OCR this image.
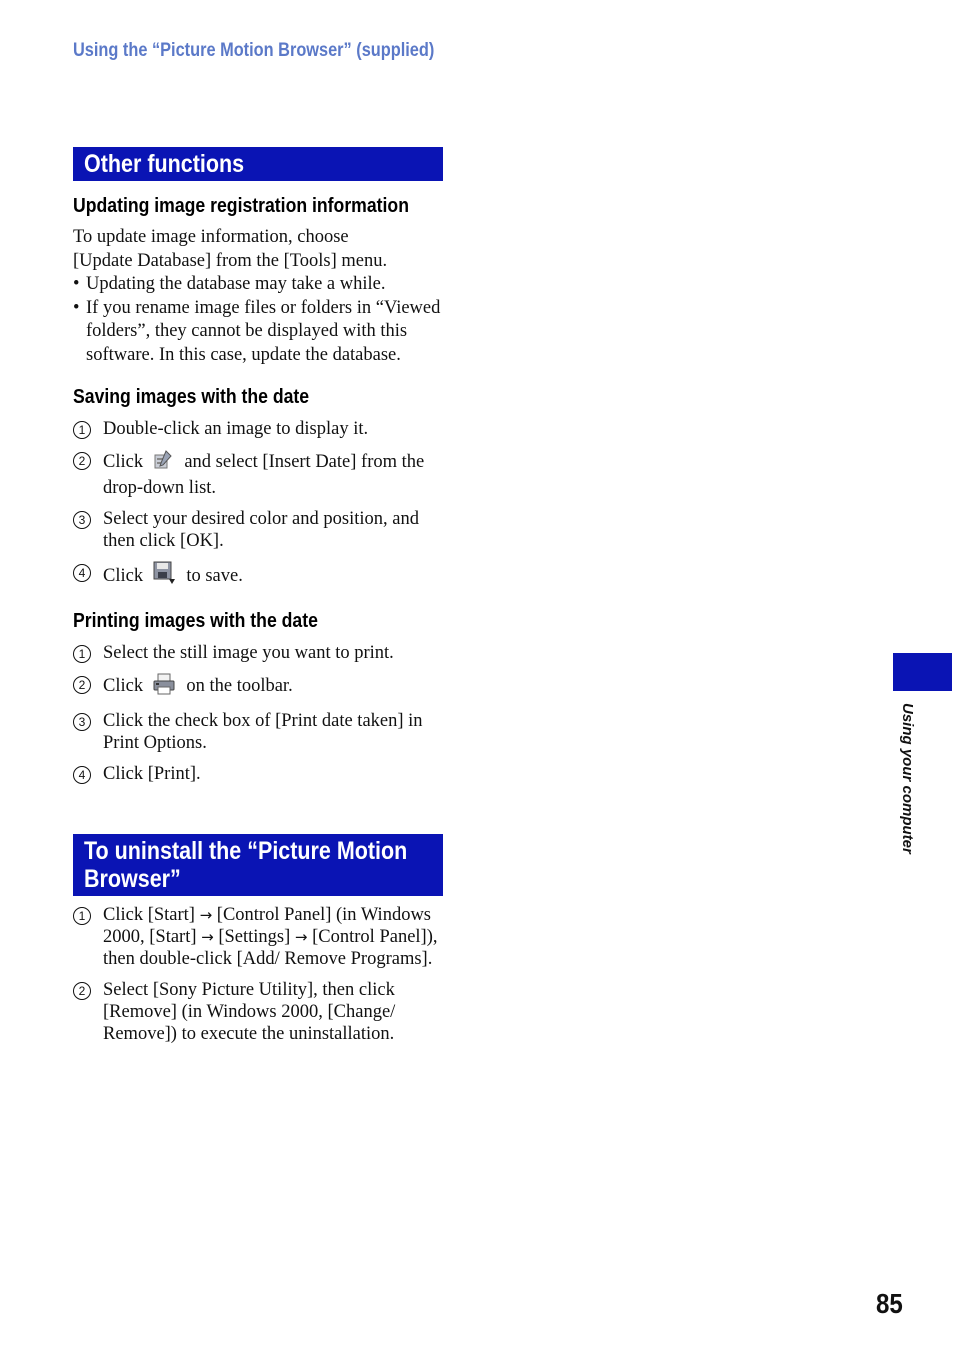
Using the “Picture Motion Browser” (supplied)
Other functions
Updating image registration information
To update image information, choose
[Update Database] from the [Tools] menu.
• Updating the database may take a while.
• If you rename image files or folders in “Viewed folders”, they cannot be displayed with this software. In this case, update the database.
Saving images with the date
1 Double-click an image to display it.
2 Click and select [Insert Date] from the drop-down list.
3 Select your desired color and position, and then click [OK].
4 Click to save.
Printing images with the date
1 Select the still image you want to print.
2 Click on the toolbar.
3 Click the check box of [Print date taken] in Print Options.
4 Click [Print].
To uninstall the “Picture Motion Browser”
1 Click [Start] → [Control Panel] (in Windows 2000, [Start] → [Settings] → [Control Panel]), then double-click [Add/ Remove Programs].
2 Select [Sony Picture Utility], then click [Remove] (in Windows 2000, [Change/ Remove]) to execute the uninstallation.
Using your computer
85
